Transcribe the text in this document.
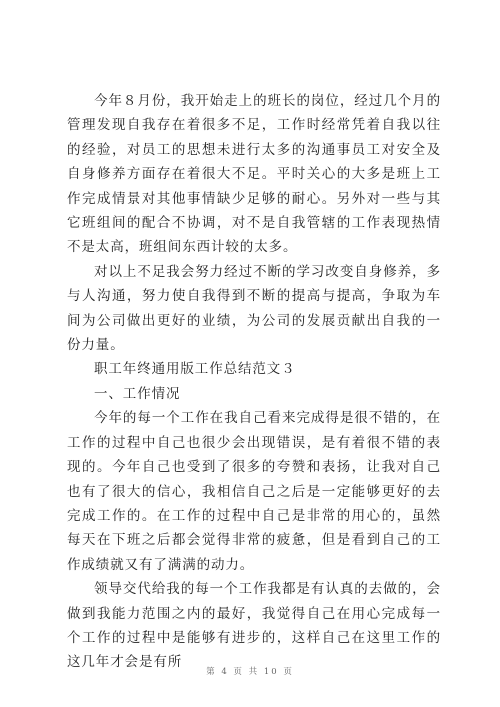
今年８月份，我开始走上的班长的岗位，经过几个月的管理发现自我存在着很多不足，工作时经常凭着自我以往的经验，对员工的思想未进行太多的沟通事员工对安全及自身修养方面存在着很大不足。平时关心的大多是班上工作完成情景对其他事情缺少足够的耐心。另外对一些与其它班组间的配合不协调，对不是自我管辖的工作表现热情不是太高，班组间东西计较的太多。

对以上不足我会努力经过不断的学习改变自身修养，多与人沟通，努力使自我得到不断的提高与提高，争取为车间为公司做出更好的业绩，为公司的发展贡献出自我的一份力量。

职工年终通用版工作总结范文３

一、工作情况

今年的每一个工作在我自己看来完成得是很不错的，在工作的过程中自己也很少会出现错误，是有着很不错的表现的。今年自己也受到了很多的夸赞和表扬，让我对自己也有了很大的信心，我相信自己之后是一定能够更好的去完成工作的。在工作的过程中自己是非常的用心的，虽然每天在下班之后都会觉得非常的疲惫，但是看到自己的工作成绩就又有了满满的动力。

领导交代给我的每一个工作我都是有认真的去做的，会做到我能力范围之内的最好，我觉得自己在用心完成每一个工作的过程中是能够有进步的，这样自己在这里工作的这几年才会是有所

第 4 页 共 10 页
